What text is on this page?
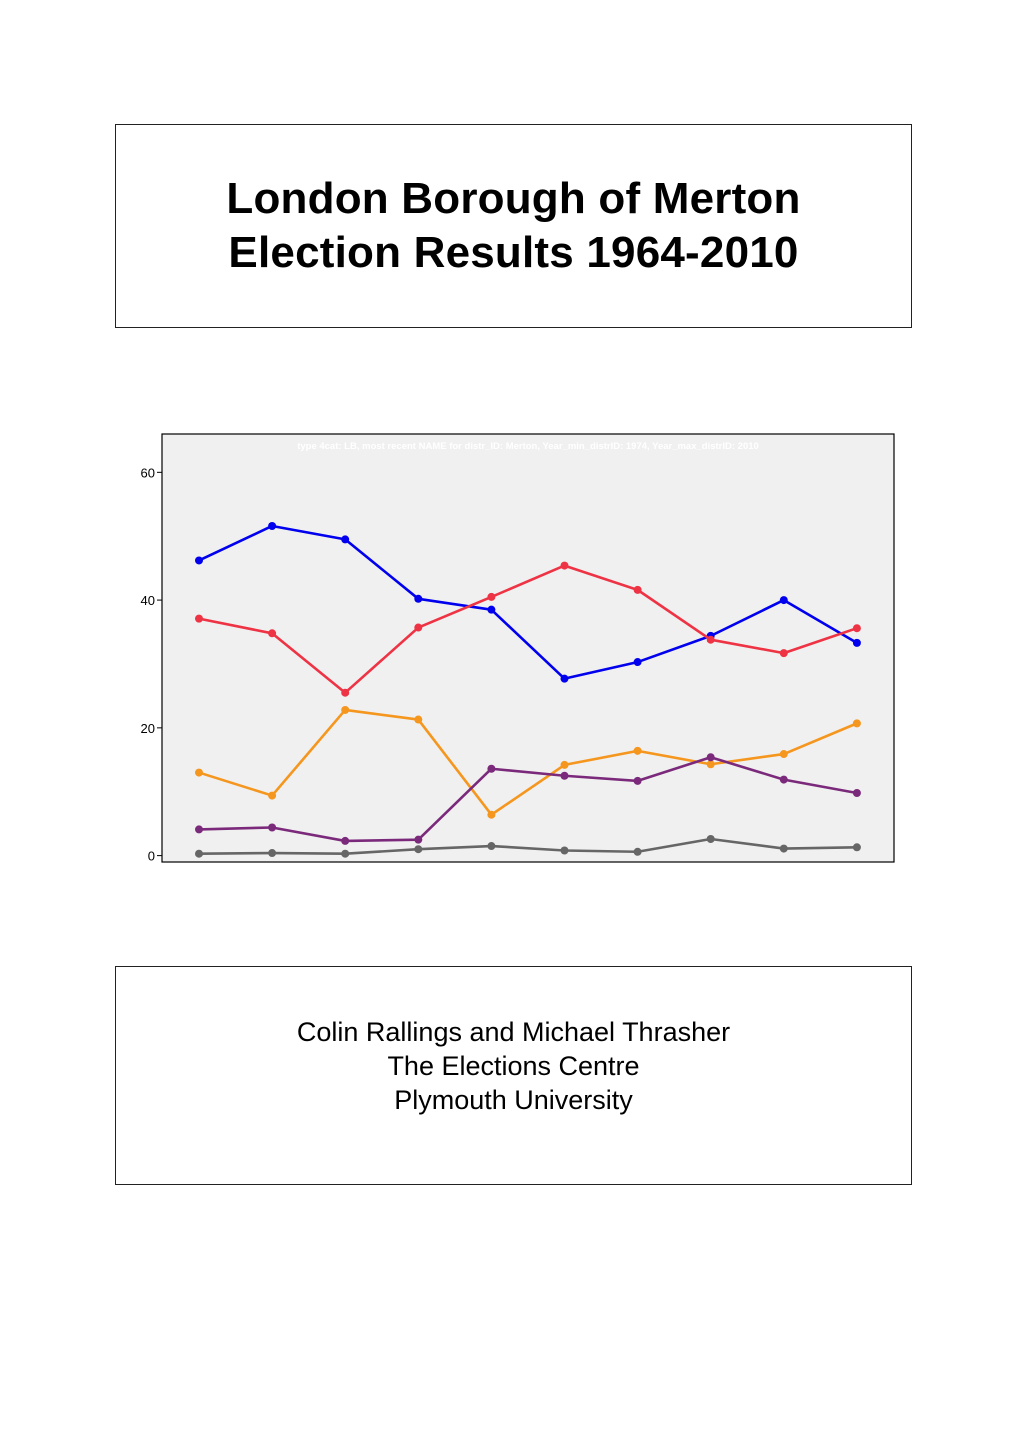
London Borough of Merton
Election Results 1964-2010
type 4cat: LB, most recent NAME for distr_ID: Merton, Year_min_distrID: 1974, Year_max_distrID: 2010
0
20
40
60
Colin Rallings and Michael Thrasher
The Elections Centre
Plymouth University
